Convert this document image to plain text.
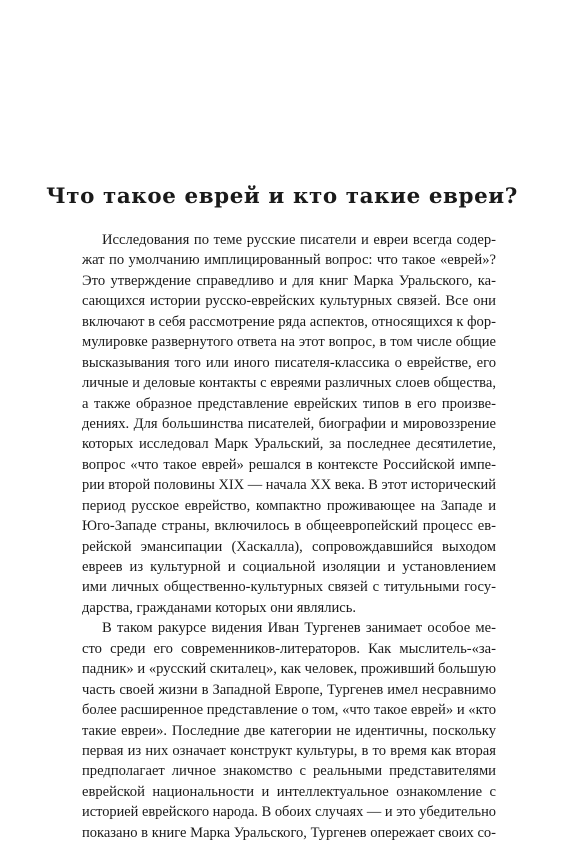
Что такое еврей и кто такие евреи?
Исследования по теме русские писатели и евреи всегда содер-
жат по умолчанию имплицированный вопрос: что такое «еврей»?
Это утверждение справедливо и для книг Марка Уральского, ка-
сающихся истории русско-еврейских культурных связей. Все они
включают в себя рассмотрение ряда аспектов, относящихся к фор-
мулировке развернутого ответа на этот вопрос, в том числе общие
высказывания того или иного писателя-классика о еврействе, его
личные и деловые контакты с евреями различных слоев общества,
а также образное представление еврейских типов в его произве-
дениях. Для большинства писателей, биографии и мировоззрение
которых исследовал Марк Уральский, за последнее десятилетие,
вопрос «что такое еврей» решался в контексте Российской импе-
рии второй половины XIX — начала XX века. В этот исторический
период русское еврейство, компактно проживающее на Западе и
Юго-Западе страны, включилось в общеевропейский процесс ев-
рейской эмансипации (Хаскалла), сопровождавшийся выходом
евреев из культурной и социальной изоляции и установлением
ими личных общественно-культурных связей с титульными госу-
дарства, гражданами которых они являлись.
В таком ракурсе видения Иван Тургенев занимает особое ме-
сто среди его современников-литераторов. Как мыслитель-«за-
падник» и «русский скиталец», как человек, проживший большую
часть своей жизни в Западной Европе, Тургенев имел несравнимо
более расширенное представление о том, «что такое еврей» и «кто
такие евреи». Последние две категории не идентичны, поскольку
первая из них означает конструкт культуры, в то время как вторая
предполагает личное знакомство с реальными представителями
еврейской национальности и интеллектуальное ознакомление с
историей еврейского народа. В обоих случаях — и это убедительно
показано в книге Марка Уральского, Тургенев опережает своих со-
